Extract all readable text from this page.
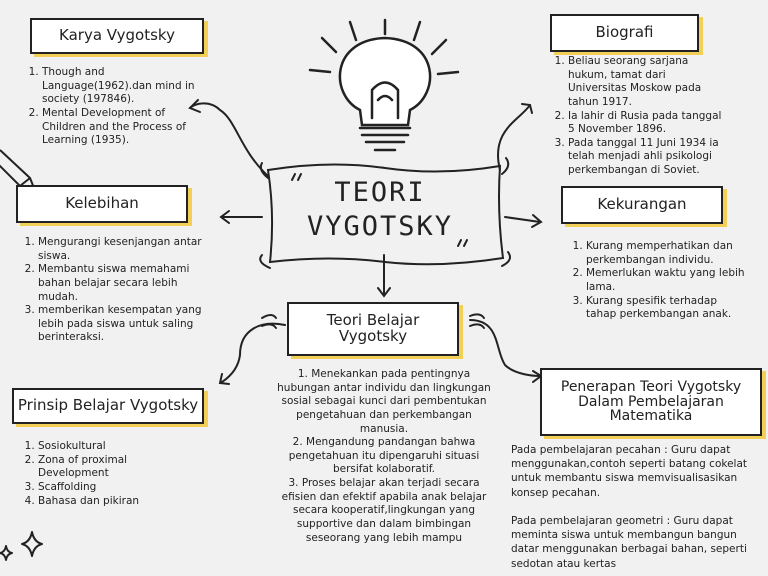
TEORI
VYGOTSKY
Karya Vygotsky
1. Though and Language(1962).dan mind in society (197846).
2. Mental Development of Children and the Process of Learning (1935).
Biografi
1. Beliau seorang sarjana hukum, tamat dari Universitas Moskow pada tahun 1917.
2. Ia lahir di Rusia pada tanggal 5 November 1896.
3. Pada tanggal 11 Juni 1934 ia telah menjadi ahli psikologi perkembangan di Soviet.
Kelebihan
1. Mengurangi kesenjangan antar siswa.
2. Membantu siswa memahami bahan belajar secara lebih mudah.
3. memberikan kesempatan yang lebih pada siswa untuk saling berinteraksi.
Kekurangan
1. Kurang memperhatikan dan perkembangan individu.
2. Memerlukan waktu yang lebih lama.
3. Kurang spesifik terhadap tahap perkembangan anak.
Teori Belajar
Vygotsky
1. Menekankan pada pentingnya hubungan antar individu dan lingkungan sosial sebagai kunci dari pembentukan pengetahuan dan perkembangan manusia.
2. Mengandung pandangan bahwa pengetahuan itu dipengaruhi situasi bersifat kolaboratif.
3. Proses belajar akan terjadi secara efisien dan efektif apabila anak belajar secara kooperatif,lingkungan yang supportive dan dalam bimbingan seseorang yang lebih mampu
Prinsip Belajar Vygotsky
1. Sosiokultural
2. Zona of proximal Development
3. Scaffolding
4. Bahasa dan pikiran
Penerapan Teori Vygotsky
Dalam Pembelajaran
Matematika
Pada pembelajaran pecahan : Guru dapat menggunakan,contoh seperti batang cokelat untuk membantu siswa memvisualisasikan konsep pecahan.
Pada pembelajaran geometri : Guru dapat meminta siswa untuk membangun bangun datar menggunakan berbagai bahan, seperti sedotan atau kertas
